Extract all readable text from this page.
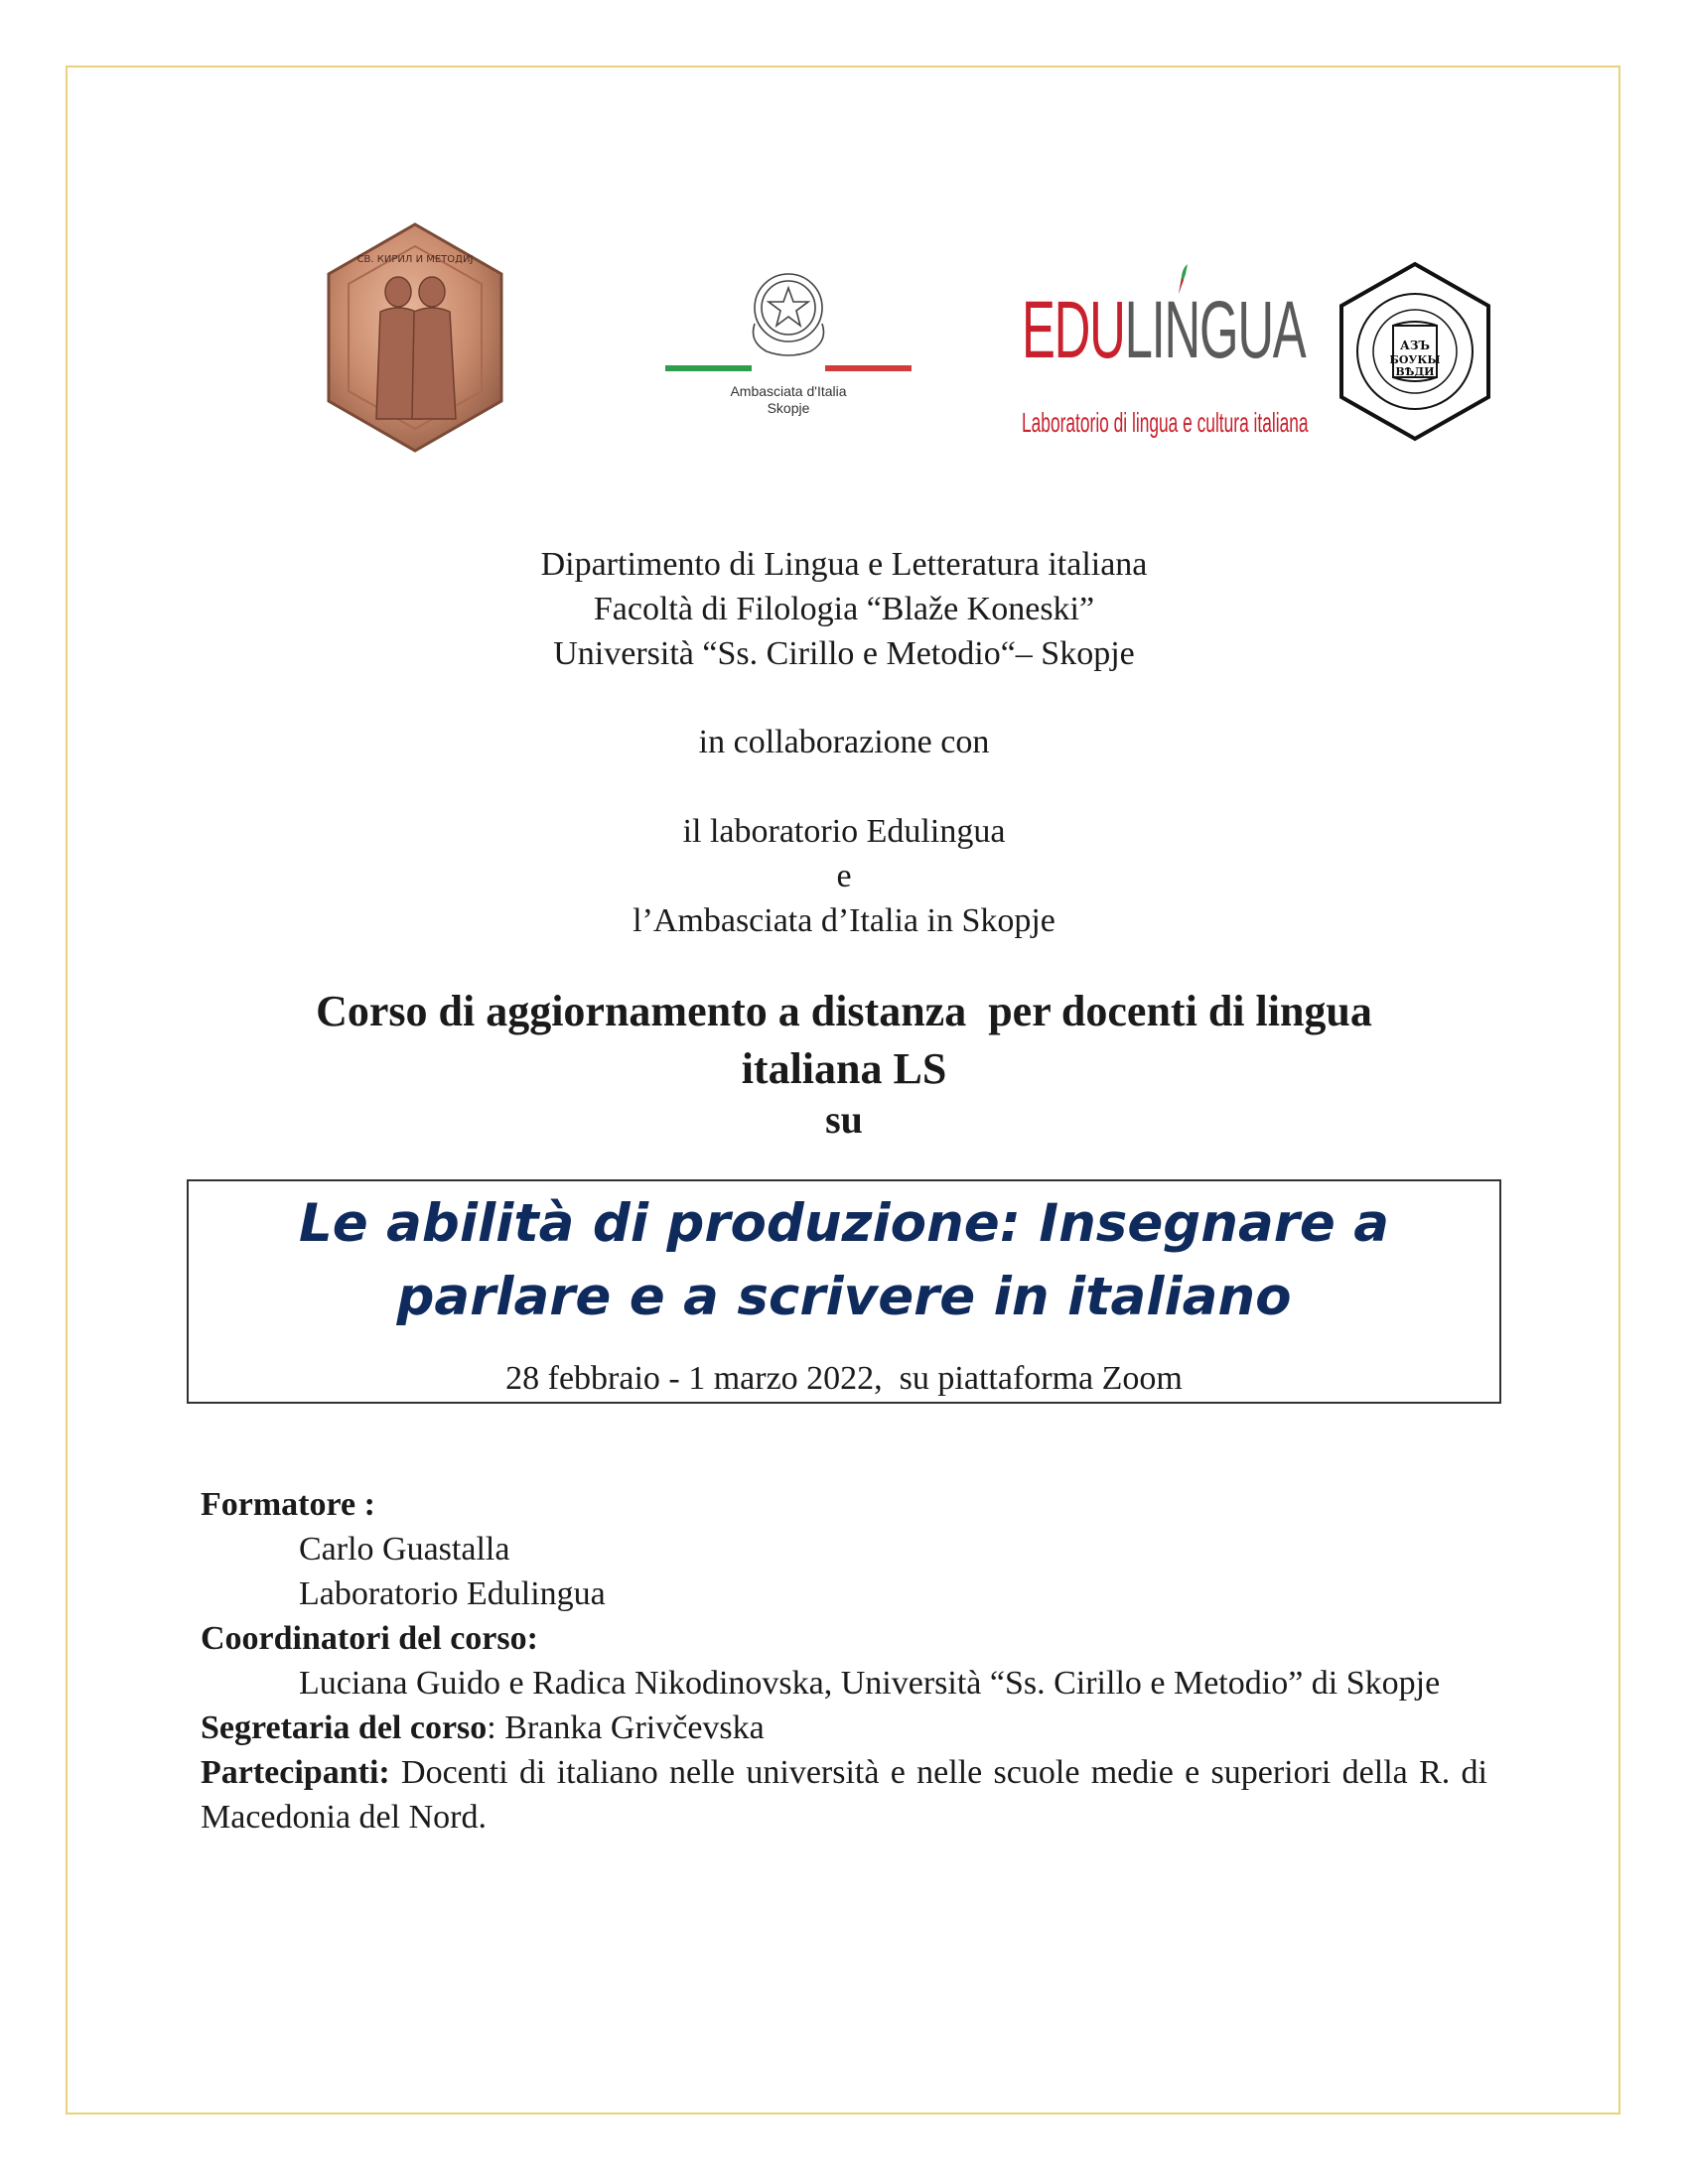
СВ. КИРИЛ И МЕТОДИЈ
Ambasciata d'Italia
Skopje
EDULINGUA
Laboratorio di lingua e cultura italiana
АЗЪ
БОУКЫ
ВѢДИ
Dipartimento di Lingua e Letteratura italiana
Facoltà di Filologia “Blaže Koneski”
Università “Ss. Cirillo e Metodio“– Skopje
in collaborazione con
il laboratorio Edulingua
e
l’Ambasciata d’Italia in Skopje
Corso di aggiornamento a distanza  per docenti di lingua
italiana LS
su
Le abilità di produzione: Insegnare a
parlare e a scrivere in italiano
28 febbraio - 1 marzo 2022,  su piattaforma Zoom
Formatore :
Carlo Guastalla
Laboratorio Edulingua
Coordinatori del corso:
Luciana Guido e Radica Nikodinovska, Università “Ss. Cirillo e Metodio” di Skopje
Segretaria del corso: Branka Grivčevska
Partecipanti: Docenti di italiano nelle università e nelle scuole medie e superiori della R. di Macedonia del Nord.
